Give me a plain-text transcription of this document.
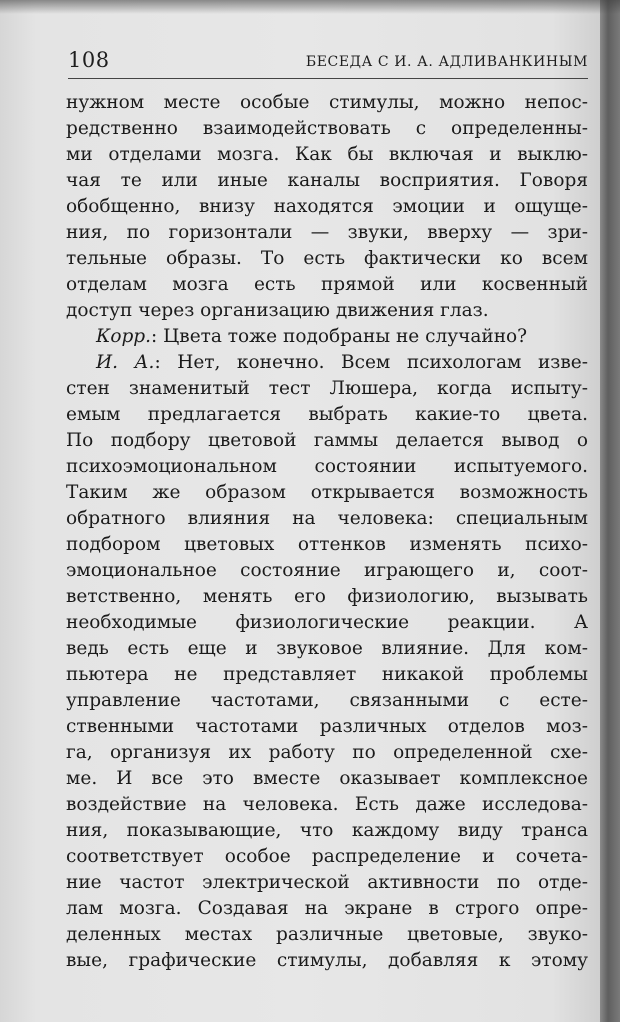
108	БЕСЕДА С И. А. АДЛИВАНКИНЫМ
нужном месте особые стимулы, можно непос-
редственно взаимодействовать с определенны-
ми отделами мозга. Как бы включая и выклю-
чая те или иные каналы восприятия. Говоря
обобщенно, внизу находятся эмоции и ощуще-
ния, по горизонтали — звуки, вверху — зри-
тельные образы. То есть фактически ко всем
отделам мозга есть прямой или косвенный
доступ через организацию движения глаз.
Корр.: Цвета тоже подобраны не случайно?
И. А.: Нет, конечно. Всем психологам изве-
стен знаменитый тест Люшера, когда испыту-
емым предлагается выбрать какие-то цвета.
По подбору цветовой гаммы делается вывод о
психоэмоциональном состоянии испытуемого.
Таким же образом открывается возможность
обратного влияния на человека: специальным
подбором цветовых оттенков изменять психо-
эмоциональное состояние играющего и, соот-
ветственно, менять его физиологию, вызывать
необходимые физиологические реакции. А
ведь есть еще и звуковое влияние. Для ком-
пьютера не представляет никакой проблемы
управление частотами, связанными с есте-
ственными частотами различных отделов моз-
га, организуя их работу по определенной схе-
ме. И все это вместе оказывает комплексное
воздействие на человека. Есть даже исследова-
ния, показывающие, что каждому виду транса
соответствует особое распределение и сочета-
ние частот электрической активности по отде-
лам мозга. Создавая на экране в строго опре-
деленных местах различные цветовые, звуко-
вые, графические стимулы, добавляя к этому
